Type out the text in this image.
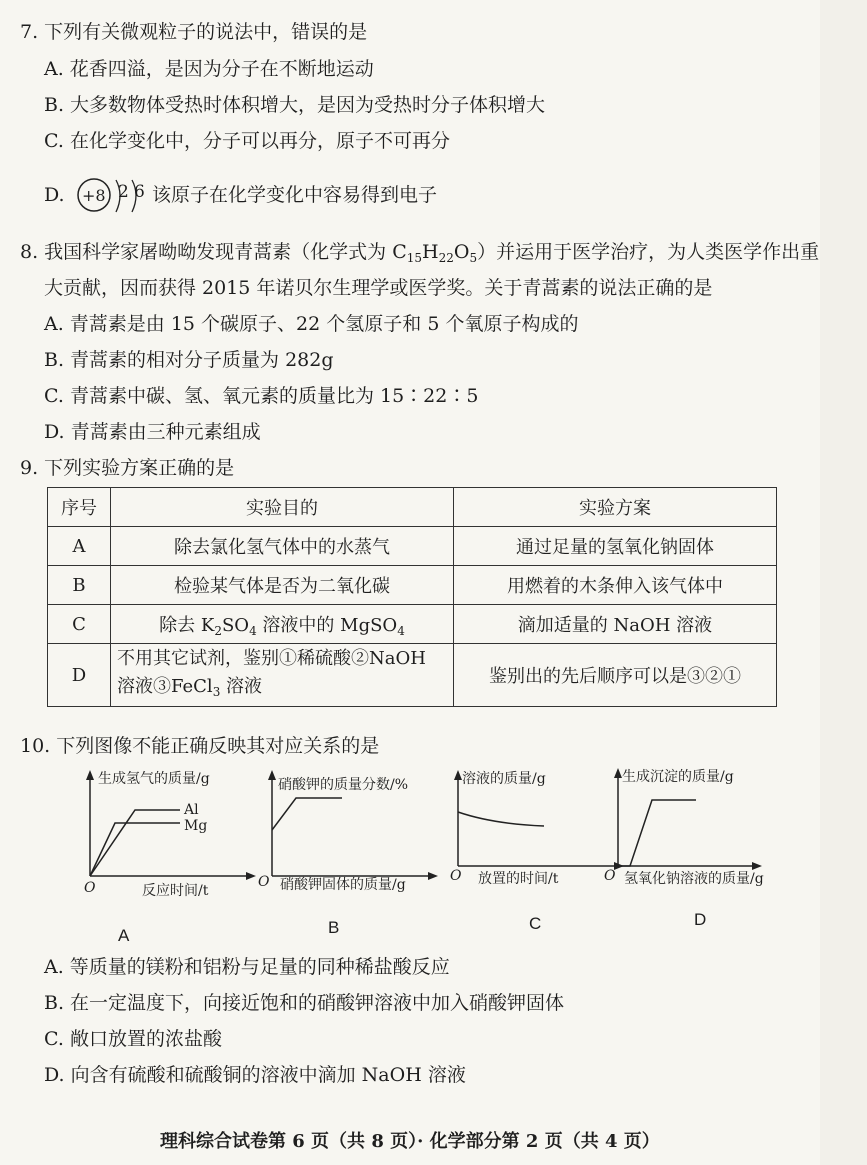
7. 下列有关微观粒子的说法中，错误的是
A. 花香四溢，是因为分子在不断地运动
B. 大多数物体受热时体积增大，是因为受热时分子体积增大
C. 在化学变化中，分子可以再分，原子不可再分
D. +8 2 6 该原子在化学变化中容易得到电子
8. 我国科学家屠呦呦发现青蒿素（化学式为 $C_{15}H_{22}O_5$）并运用于医学治疗，为人类医学作出重
大贡献，因而获得 2015 年诺贝尔生理学或医学奖。关于青蒿素的说法正确的是
A. 青蒿素是由 15 个碳原子、22 个氢原子和 5 个氧原子构成的
B. 青蒿素的相对分子质量为 282g
C. 青蒿素中碳、氢、氧元素的质量比为 15∶22∶5
D. 青蒿素由三种元素组成
9. 下列实验方案正确的是
序号	实验目的	实验方案
A	除去氯化氢气体中的水蒸气	通过足量的氢氧化钠固体
B	检验某气体是否为二氧化碳	用燃着的木条伸入该气体中
C	除去 $K_2SO_4$ 溶液中的 MgSO$_4$	滴加适量的 NaOH 溶液
D	不用其它试剂，鉴别①稀硫酸②NaOH
溶液③FeCl$_3$ 溶液	鉴别出的先后顺序可以是③②①
10. 下列图像不能正确反映其对应关系的是
生成氢气的质量/g
Al
Mg
O	反应时间/t
A
硝酸钾的质量分数/%
O 硝酸钾固体的质量/g
B
溶液的质量/g
O 放置的时间/t
C
生成沉淀的质量/g
O 氢氧化钠溶液的质量/g
D
A. 等质量的镁粉和铝粉与足量的同种稀盐酸反应
B. 在一定温度下，向接近饱和的硝酸钾溶液中加入硝酸钾固体
C. 敞口放置的浓盐酸
D. 向含有硫酸和硫酸铜的溶液中滴加 NaOH 溶液
理科综合试卷第 6 页（共 8 页）· 化学部分第 2 页（共 4 页）
